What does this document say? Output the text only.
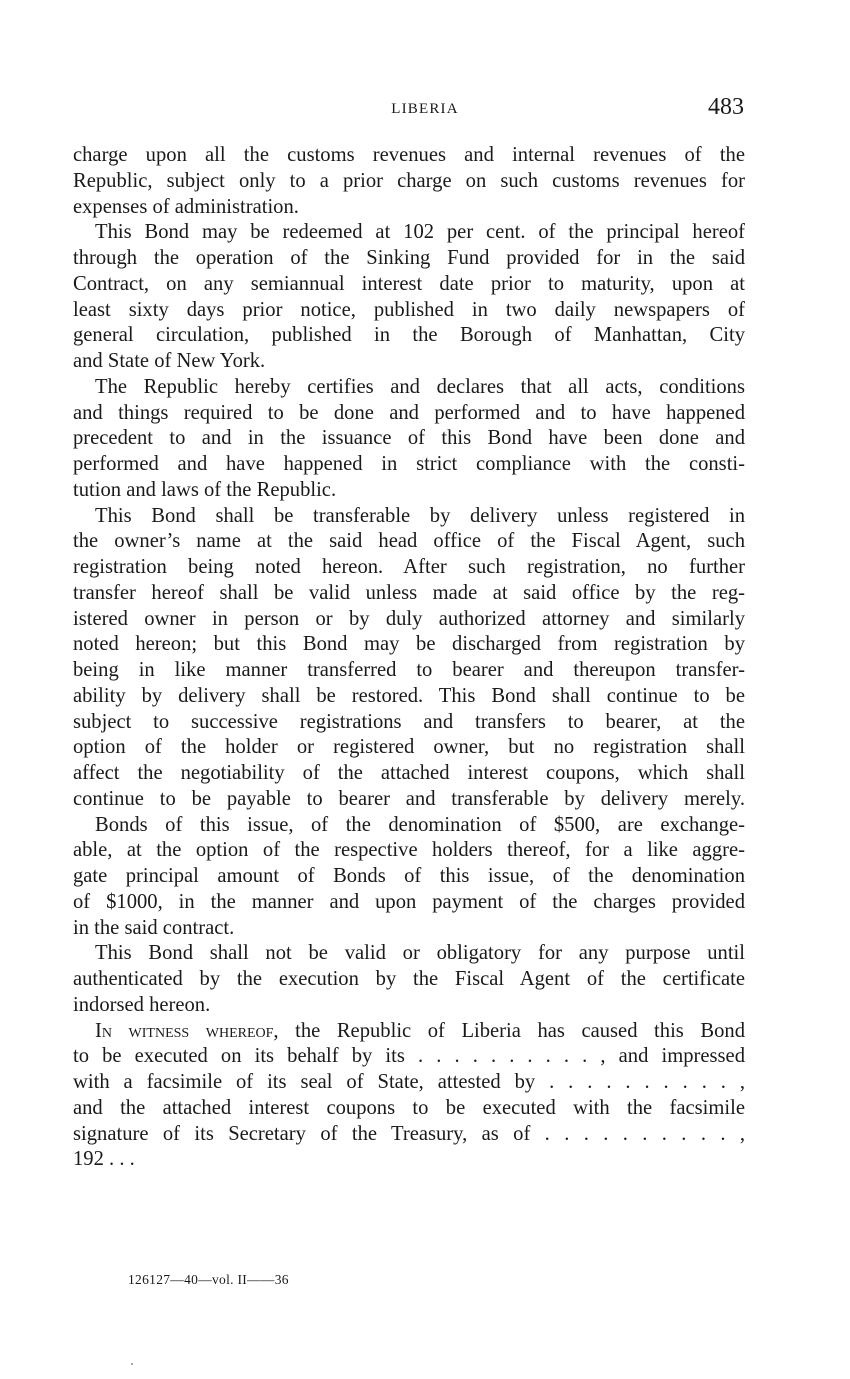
LIBERIA	483
charge upon all the customs revenues and internal revenues of the
Republic, subject only to a prior charge on such customs revenues for
expenses of administration.
This Bond may be redeemed at 102 per cent. of the principal hereof
through the operation of the Sinking Fund provided for in the said
Contract, on any semiannual interest date prior to maturity, upon at
least sixty days prior notice, published in two daily newspapers of
general circulation, published in the Borough of Manhattan, City
and State of New York.
The Republic hereby certifies and declares that all acts, conditions
and things required to be done and performed and to have happened
precedent to and in the issuance of this Bond have been done and
performed and have happened in strict compliance with the consti-
tution and laws of the Republic.
This Bond shall be transferable by delivery unless registered in
the owner’s name at the said head office of the Fiscal Agent, such
registration being noted hereon. After such registration, no further
transfer hereof shall be valid unless made at said office by the reg-
istered owner in person or by duly authorized attorney and similarly
noted hereon; but this Bond may be discharged from registration by
being in like manner transferred to bearer and thereupon transfer-
ability by delivery shall be restored. This Bond shall continue to be
subject to successive registrations and transfers to bearer, at the
option of the holder or registered owner, but no registration shall
affect the negotiability of the attached interest coupons, which shall
continue to be payable to bearer and transferable by delivery merely.
Bonds of this issue, of the denomination of $500, are exchange-
able, at the option of the respective holders thereof, for a like aggre-
gate principal amount of Bonds of this issue, of the denomination
of $1000, in the manner and upon payment of the charges provided
in the said contract.
This Bond shall not be valid or obligatory for any purpose until
authenticated by the execution by the Fiscal Agent of the certificate
indorsed hereon.
In witness whereof, the Republic of Liberia has caused this Bond
to be executed on its behalf by its . . . . . . . . . . , and impressed
with a facsimile of its seal of State, attested by . . . . . . . . . . ,
and the attached interest coupons to be executed with the facsimile
signature of its Secretary of the Treasury, as of . . . . . . . . . . ,
192 . . .
126127—40—vol. II——36
